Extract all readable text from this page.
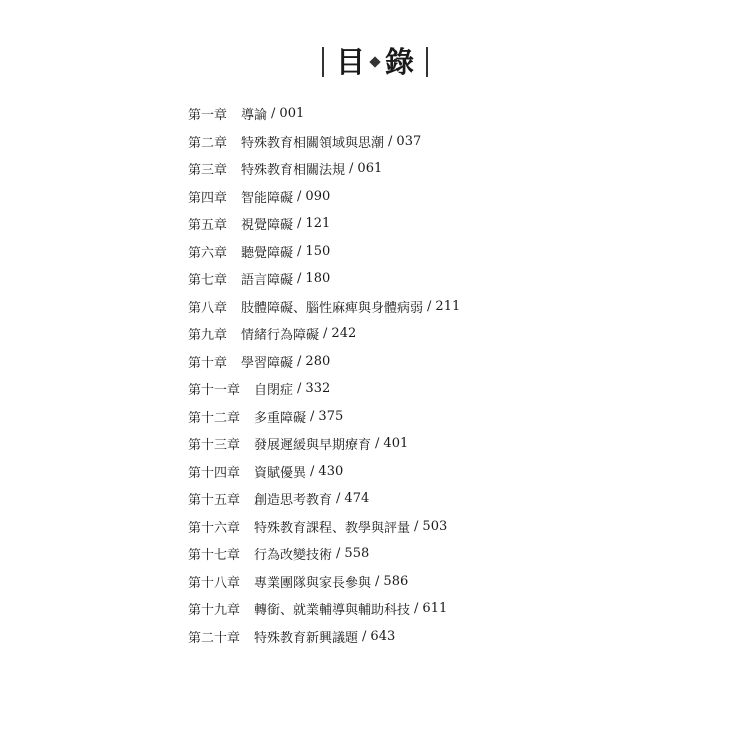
目 錄
第一章 導論 / 001
第二章 特殊教育相關領域與思潮 / 037
第三章 特殊教育相關法規 / 061
第四章 智能障礙 / 090
第五章 視覺障礙 / 121
第六章 聽覺障礙 / 150
第七章 語言障礙 / 180
第八章 肢體障礙、腦性麻痺與身體病弱 / 211
第九章 情緒行為障礙 / 242
第十章 學習障礙 / 280
第十一章 自閉症 / 332
第十二章 多重障礙 / 375
第十三章 發展遲緩與早期療育 / 401
第十四章 資賦優異 / 430
第十五章 創造思考教育 / 474
第十六章 特殊教育課程、教學與評量 / 503
第十七章 行為改變技術 / 558
第十八章 專業團隊與家長參與 / 586
第十九章 轉銜、就業輔導與輔助科技 / 611
第二十章 特殊教育新興議題 / 643
